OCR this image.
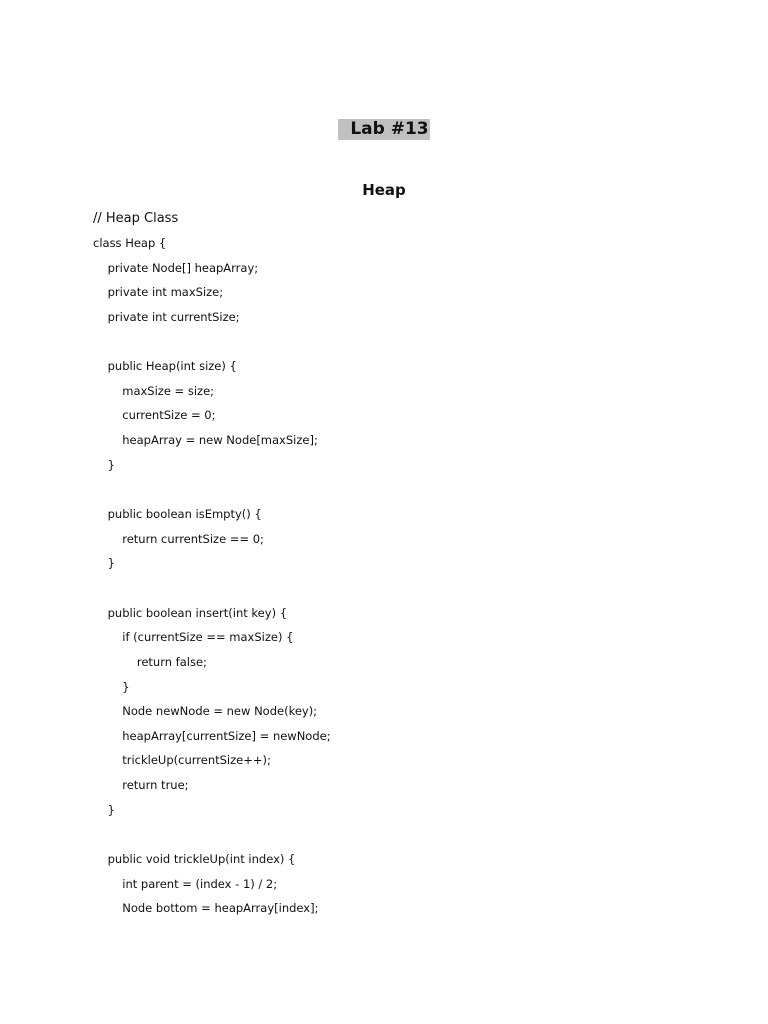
Lab #13
Heap
// Heap Class
class Heap {
private Node[] heapArray;
private int maxSize;
private int currentSize;
public Heap(int size) {
maxSize = size;
currentSize = 0;
heapArray = new Node[maxSize];
}
public boolean isEmpty() {
return currentSize == 0;
}
public boolean insert(int key) {
if (currentSize == maxSize) {
return false;
}
Node newNode = new Node(key);
heapArray[currentSize] = newNode;
trickleUp(currentSize++);
return true;
}
public void trickleUp(int index) {
int parent = (index - 1) / 2;
Node bottom = heapArray[index];
